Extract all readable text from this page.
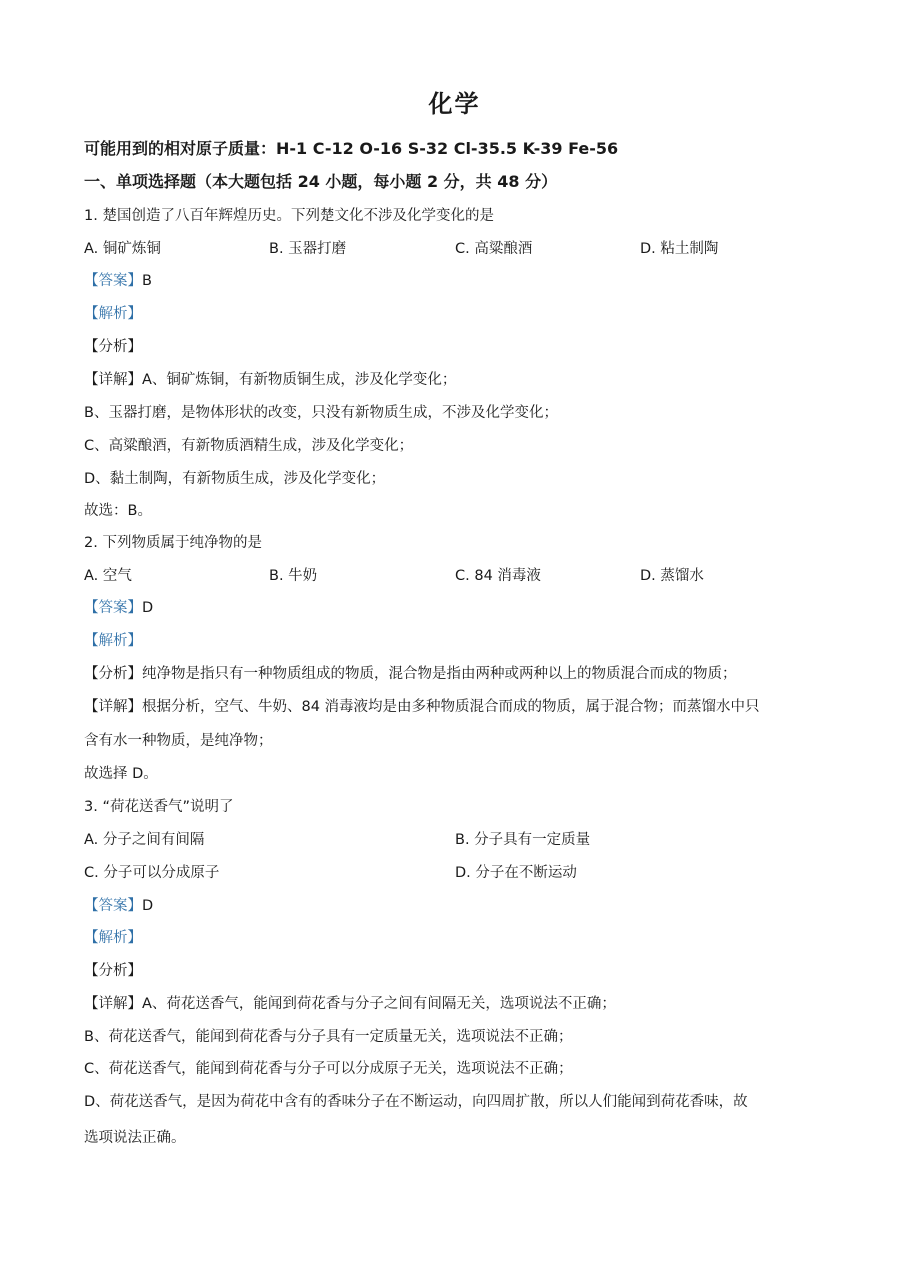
化学
可能用到的相对原子质量：H-1 C-12 O-16 S-32 Cl-35.5 K-39 Fe-56
一、单项选择题（本大题包括 24 小题，每小题 2 分，共 48 分）
1. 楚国创造了八百年辉煌历史。下列楚文化不涉及化学变化的是
A. 铜矿炼铜	B. 玉器打磨	C. 高粱酿酒	D. 粘土制陶
【答案】B
【解析】
【分析】
【详解】A、铜矿炼铜，有新物质铜生成，涉及化学变化；
B、玉器打磨，是物体形状的改变，只没有新物质生成，不涉及化学变化；
C、高粱酿酒，有新物质酒精生成，涉及化学变化；
D、黏土制陶，有新物质生成，涉及化学变化；
故选：B。
2. 下列物质属于纯净物的是
A. 空气	B. 牛奶	C. 84 消毒液	D. 蒸馏水
【答案】D
【解析】
【分析】纯净物是指只有一种物质组成的物质，混合物是指由两种或两种以上的物质混合而成的物质；
【详解】根据分析，空气、牛奶、84 消毒液均是由多种物质混合而成的物质，属于混合物；而蒸馏水中只
含有水一种物质，是纯净物；
故选择 D。
3. “荷花送香气”说明了
A. 分子之间有间隔	B. 分子具有一定质量
C. 分子可以分成原子	D. 分子在不断运动
【答案】D
【解析】
【分析】
【详解】A、荷花送香气，能闻到荷花香与分子之间有间隔无关，选项说法不正确；
B、荷花送香气，能闻到荷花香与分子具有一定质量无关，选项说法不正确；
C、荷花送香气，能闻到荷花香与分子可以分成原子无关，选项说法不正确；
D、荷花送香气，是因为荷花中含有的香味分子在不断运动，向四周扩散，所以人们能闻到荷花香味，故
选项说法正确。
